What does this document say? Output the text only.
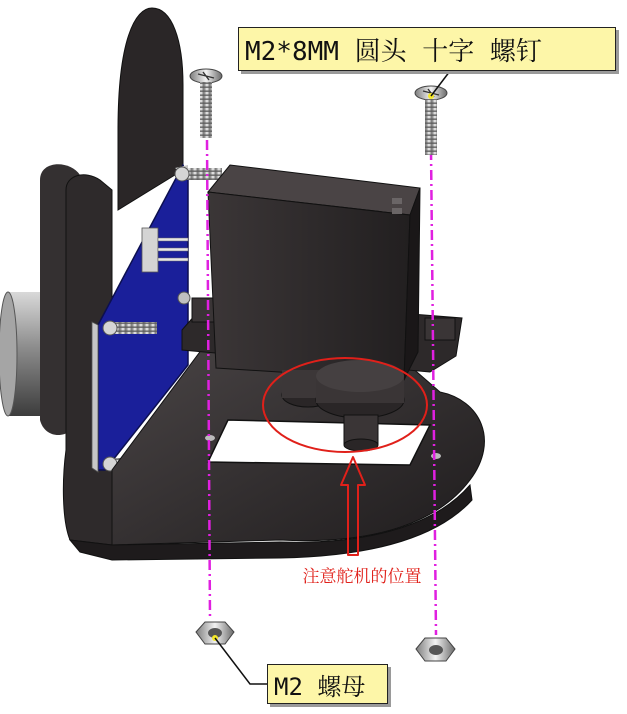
M2*8MM 圆头 十字 螺钉
M2 螺母
注意舵机的位置
